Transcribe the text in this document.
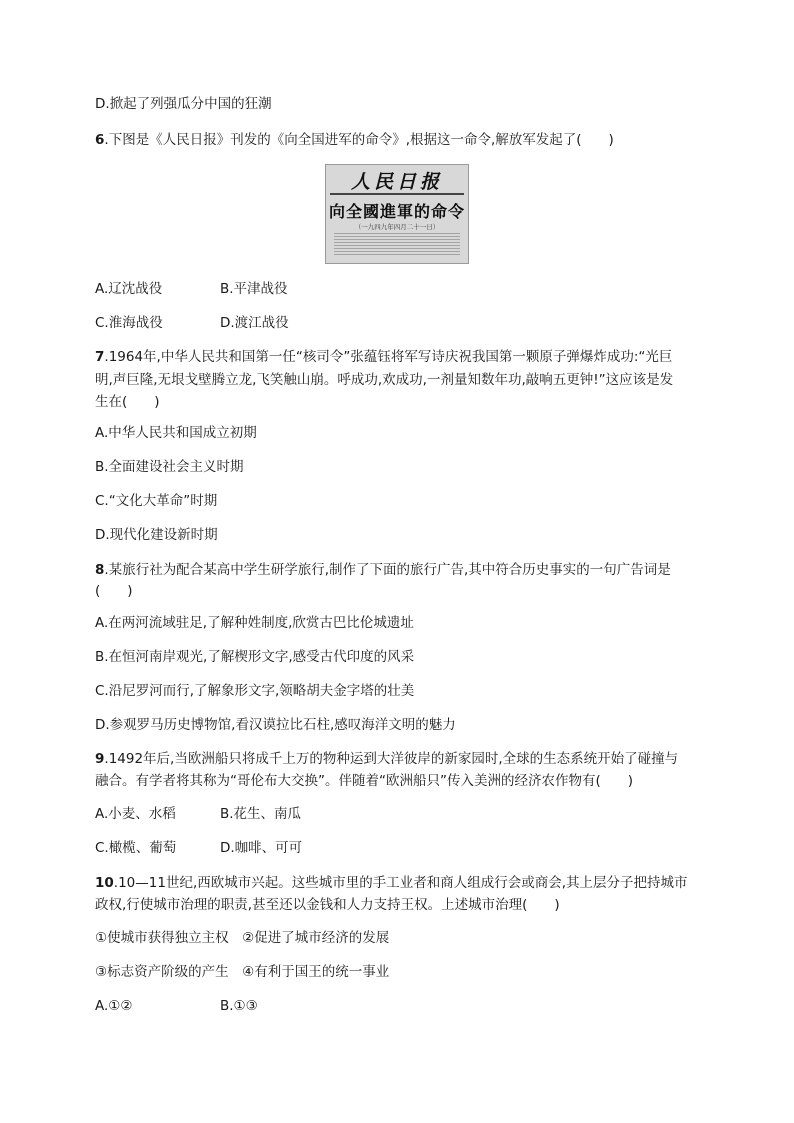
D.掀起了列强瓜分中国的狂潮
6.下图是《人民日报》刊发的《向全国进军的命令》,根据这一命令,解放军发起了(　　)
人民日报
向全國進軍的命令
（一九四九年四月二十一日）
A.辽沈战役	B.平津战役
C.淮海战役	D.渡江战役
7.1964年,中华人民共和国第一任“核司令”张蕴钰将军写诗庆祝我国第一颗原子弹爆炸成功:“光巨
明,声巨隆,无垠戈壁腾立龙,飞笑触山崩。呼成功,欢成功,一剂量知数年功,敲响五更钟!”这应该是发
生在(　　)
A.中华人民共和国成立初期
B.全面建设社会主义时期
C.“文化大革命”时期
D.现代化建设新时期
8.某旅行社为配合某高中学生研学旅行,制作了下面的旅行广告,其中符合历史事实的一句广告词是
(　　)
A.在两河流域驻足,了解种姓制度,欣赏古巴比伦城遗址
B.在恒河南岸观光,了解楔形文字,感受古代印度的风采
C.沿尼罗河而行,了解象形文字,领略胡夫金字塔的壮美
D.参观罗马历史博物馆,看汉谟拉比石柱,感叹海洋文明的魅力
9.1492年后,当欧洲船只将成千上万的物种运到大洋彼岸的新家园时,全球的生态系统开始了碰撞与
融合。有学者将其称为“哥伦布大交换”。伴随着“欧洲船只”传入美洲的经济农作物有(　　)
A.小麦、水稻	B.花生、南瓜
C.橄榄、葡萄	D.咖啡、可可
10.10—11世纪,西欧城市兴起。这些城市里的手工业者和商人组成行会或商会,其上层分子把持城市
政权,行使城市治理的职责,甚至还以金钱和人力支持王权。上述城市治理(　　)
①使城市获得独立主权　②促进了城市经济的发展
③标志资产阶级的产生　④有利于国王的统一事业
A.①②	B.①③
